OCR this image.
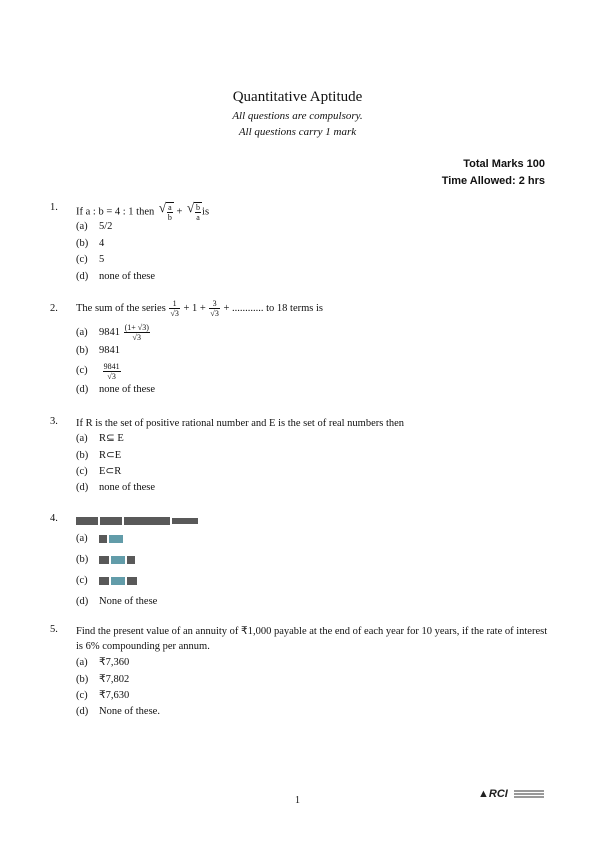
Quantitative Aptitude
All questions are compulsory.
All questions carry 1 mark
Total Marks 100
Time Allowed: 2 hrs
1. If a : b = 4 : 1 then √ $\frac{a}{b}$ + √ $\frac{b}{a}$ is
(a) 5/2
(b) 4
(c) 5
(d) none of these
2. The sum of the series $\frac{1}{√3} + 1 + \frac{3}{√3}$ + ............ to 18 terms is
(a) $9841 \frac{(1+ √3)}{√3}$
(b) 9841
$(c) \frac{9841}{√3}$
(d) none of these
3. If R is the set of positive rational number and E is the set of real numbers then
(a) R⊆ E
(b) R⊂E
(c) E⊂R
(d) none of these
4.
(a)
(b)
(c)
(d) None of these
5. Find the present value of an annuity of ₹1,000 payable at the end of each year for 10 years, if the rate of interest is 6% compounding per annum.
(a) ₹7,360
(b) ₹7,802
(c) ₹7,630
(d) None of these.
1
▲RCI
